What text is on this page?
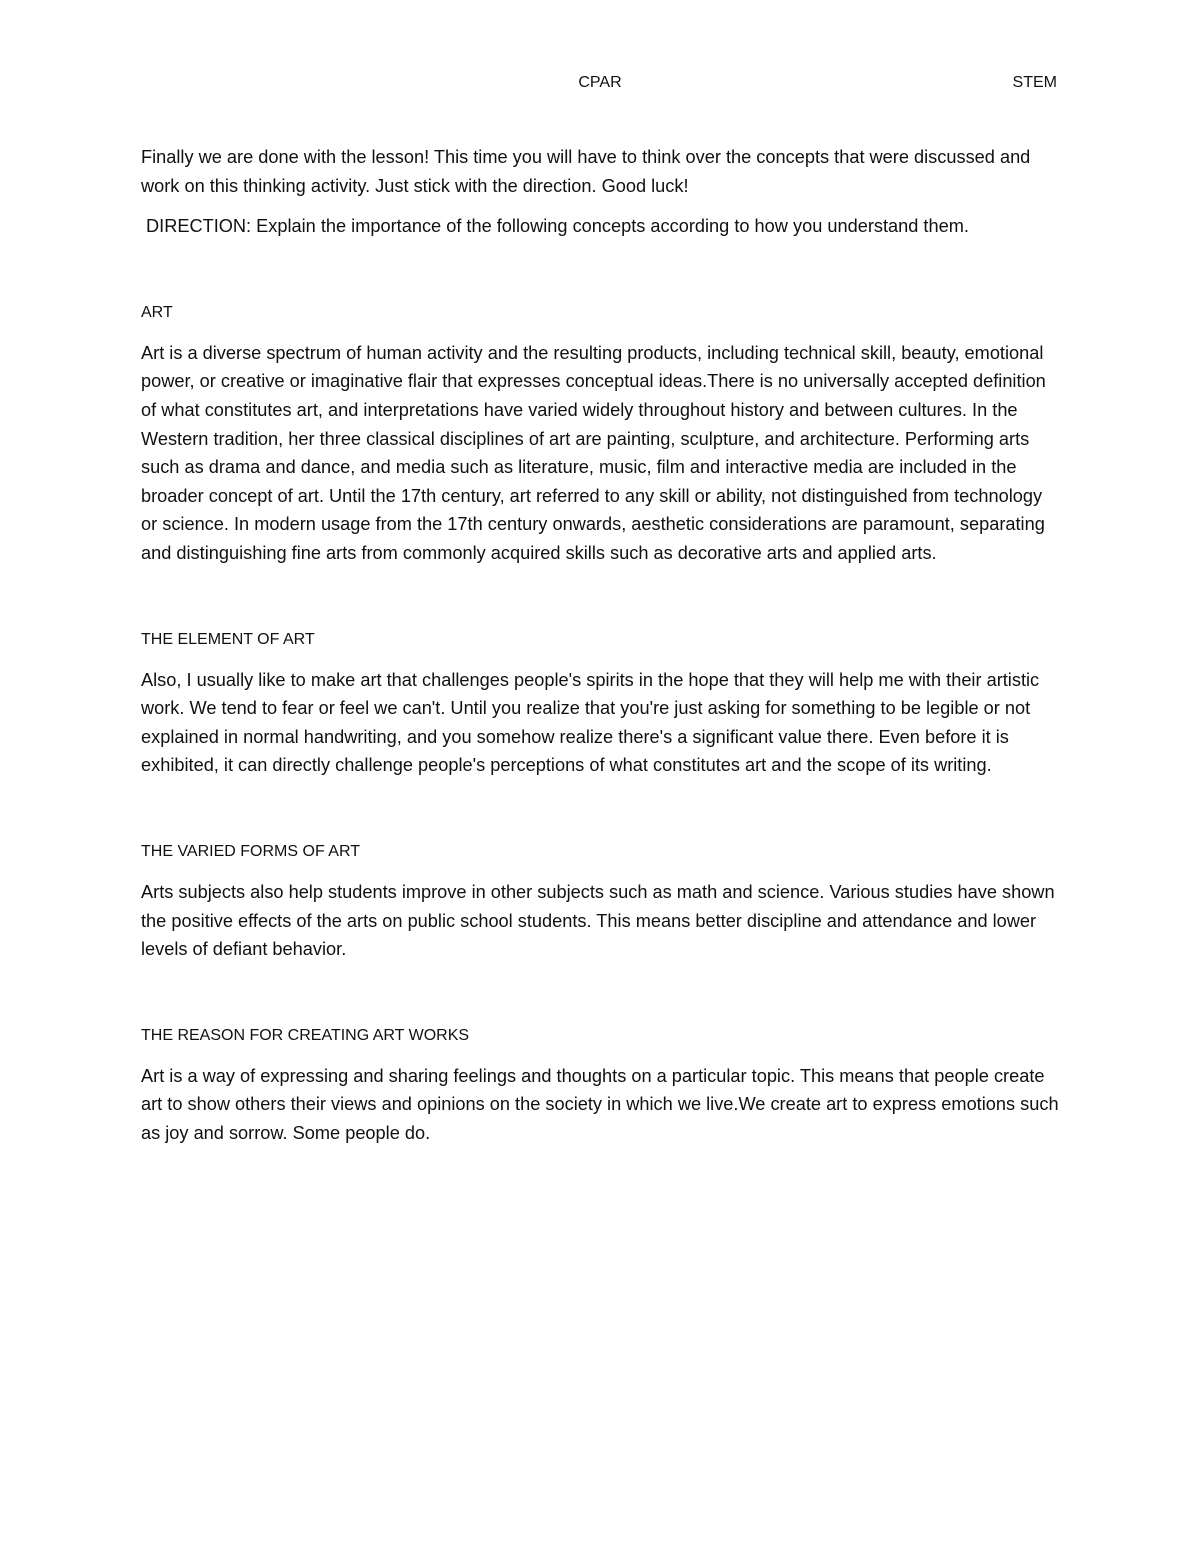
CPAR	STEM

Finally we are done with the lesson! This time you will have to think over the concepts that were discussed and work on this thinking activity. Just stick with the direction. Good luck!

DIRECTION: Explain the importance of the following concepts according to how you understand them.

ART

Art is a diverse spectrum of human activity and the resulting products, including technical skill, beauty, emotional power, or creative or imaginative flair that expresses conceptual ideas.There is no universally accepted definition of what constitutes art, and interpretations have varied widely throughout history and between cultures. In the Western tradition, her three classical disciplines of art are painting, sculpture, and architecture. Performing arts such as drama and dance, and media such as literature, music, film and interactive media are included in the broader concept of art. Until the 17th century, art referred to any skill or ability, not distinguished from technology or science. In modern usage from the 17th century onwards, aesthetic considerations are paramount, separating and distinguishing fine arts from commonly acquired skills such as decorative arts and applied arts.

THE ELEMENT OF ART

Also, I usually like to make art that challenges people's spirits in the hope that they will help me with their artistic work. We tend to fear or feel we can't. Until you realize that you're just asking for something to be legible or not explained in normal handwriting, and you somehow realize there's a significant value there. Even before it is exhibited, it can directly challenge people's perceptions of what constitutes art and the scope of its writing.

THE VARIED FORMS OF ART

Arts subjects also help students improve in other subjects such as math and science. Various studies have shown the positive effects of the arts on public school students. This means better discipline and attendance and lower levels of defiant behavior.

THE REASON FOR CREATING ART WORKS

Art is a way of expressing and sharing feelings and thoughts on a particular topic. This means that people create art to show others their views and opinions on the society in which we live.We create art to express emotions such as joy and sorrow. Some people do.
